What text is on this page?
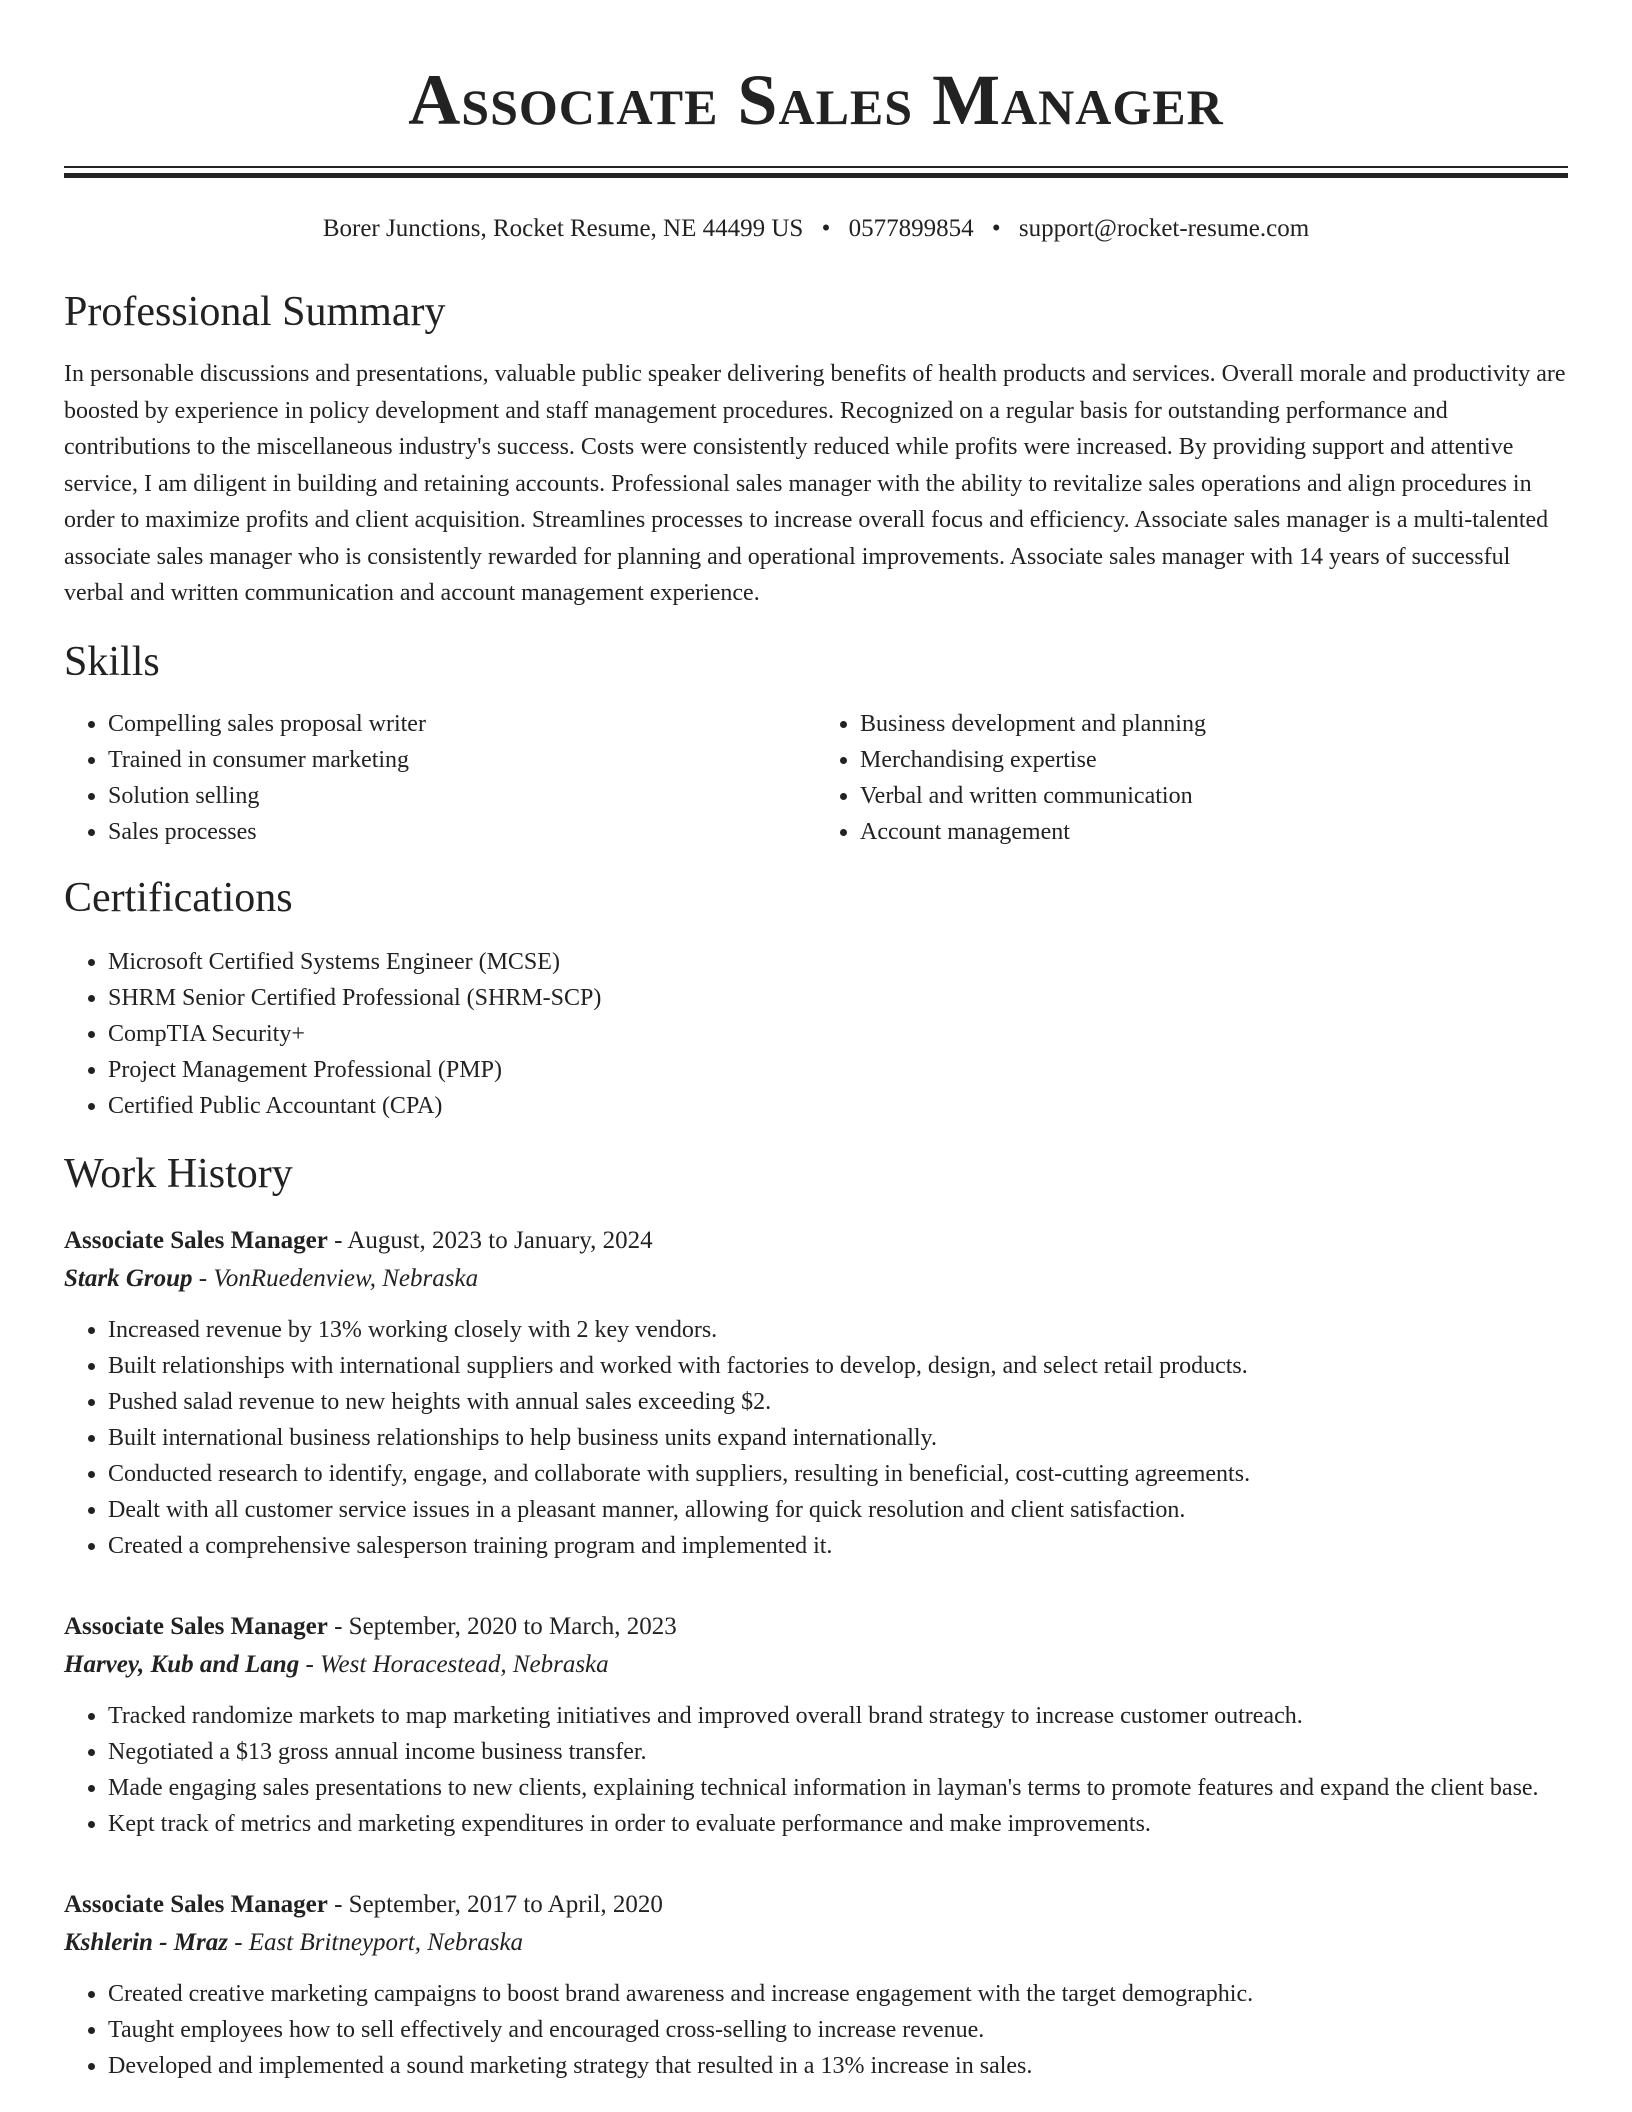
Associate Sales Manager
Borer Junctions, Rocket Resume, NE 44499 US • 0577899854 • support@rocket-resume.com
Professional Summary

In personable discussions and presentations, valuable public speaker delivering benefits of health products and services. Overall morale and productivity are boosted by experience in policy development and staff management procedures. Recognized on a regular basis for outstanding performance and contributions to the miscellaneous industry's success. Costs were consistently reduced while profits were increased. By providing support and attentive service, I am diligent in building and retaining accounts. Professional sales manager with the ability to revitalize sales operations and align procedures in order to maximize profits and client acquisition. Streamlines processes to increase overall focus and efficiency. Associate sales manager is a multi-talented associate sales manager who is consistently rewarded for planning and operational improvements. Associate sales manager with 14 years of successful verbal and written communication and account management experience.

Skills
• Compelling sales proposal writer
• Trained in consumer marketing
• Solution selling
• Sales processes
• Business development and planning
• Merchandising expertise
• Verbal and written communication
• Account management
Certifications
• Microsoft Certified Systems Engineer (MCSE)
• SHRM Senior Certified Professional (SHRM-SCP)
• CompTIA Security+
• Project Management Professional (PMP)
• Certified Public Accountant (CPA)
Work History
Associate Sales Manager - August, 2023 to January, 2024
Stark Group - VonRuedenview, Nebraska
• Increased revenue by 13% working closely with 2 key vendors.
• Built relationships with international suppliers and worked with factories to develop, design, and select retail products.
• Pushed salad revenue to new heights with annual sales exceeding $2.
• Built international business relationships to help business units expand internationally.
• Conducted research to identify, engage, and collaborate with suppliers, resulting in beneficial, cost-cutting agreements.
• Dealt with all customer service issues in a pleasant manner, allowing for quick resolution and client satisfaction.
• Created a comprehensive salesperson training program and implemented it.
Associate Sales Manager - September, 2020 to March, 2023
Harvey, Kub and Lang - West Horacestead, Nebraska
• Tracked randomize markets to map marketing initiatives and improved overall brand strategy to increase customer outreach.
• Negotiated a $13 gross annual income business transfer.
• Made engaging sales presentations to new clients, explaining technical information in layman's terms to promote features and expand the client base.
• Kept track of metrics and marketing expenditures in order to evaluate performance and make improvements.
Associate Sales Manager - September, 2017 to April, 2020
Kshlerin - Mraz - East Britneyport, Nebraska
• Created creative marketing campaigns to boost brand awareness and increase engagement with the target demographic.
• Taught employees how to sell effectively and encouraged cross-selling to increase revenue.
• Developed and implemented a sound marketing strategy that resulted in a 13% increase in sales.
